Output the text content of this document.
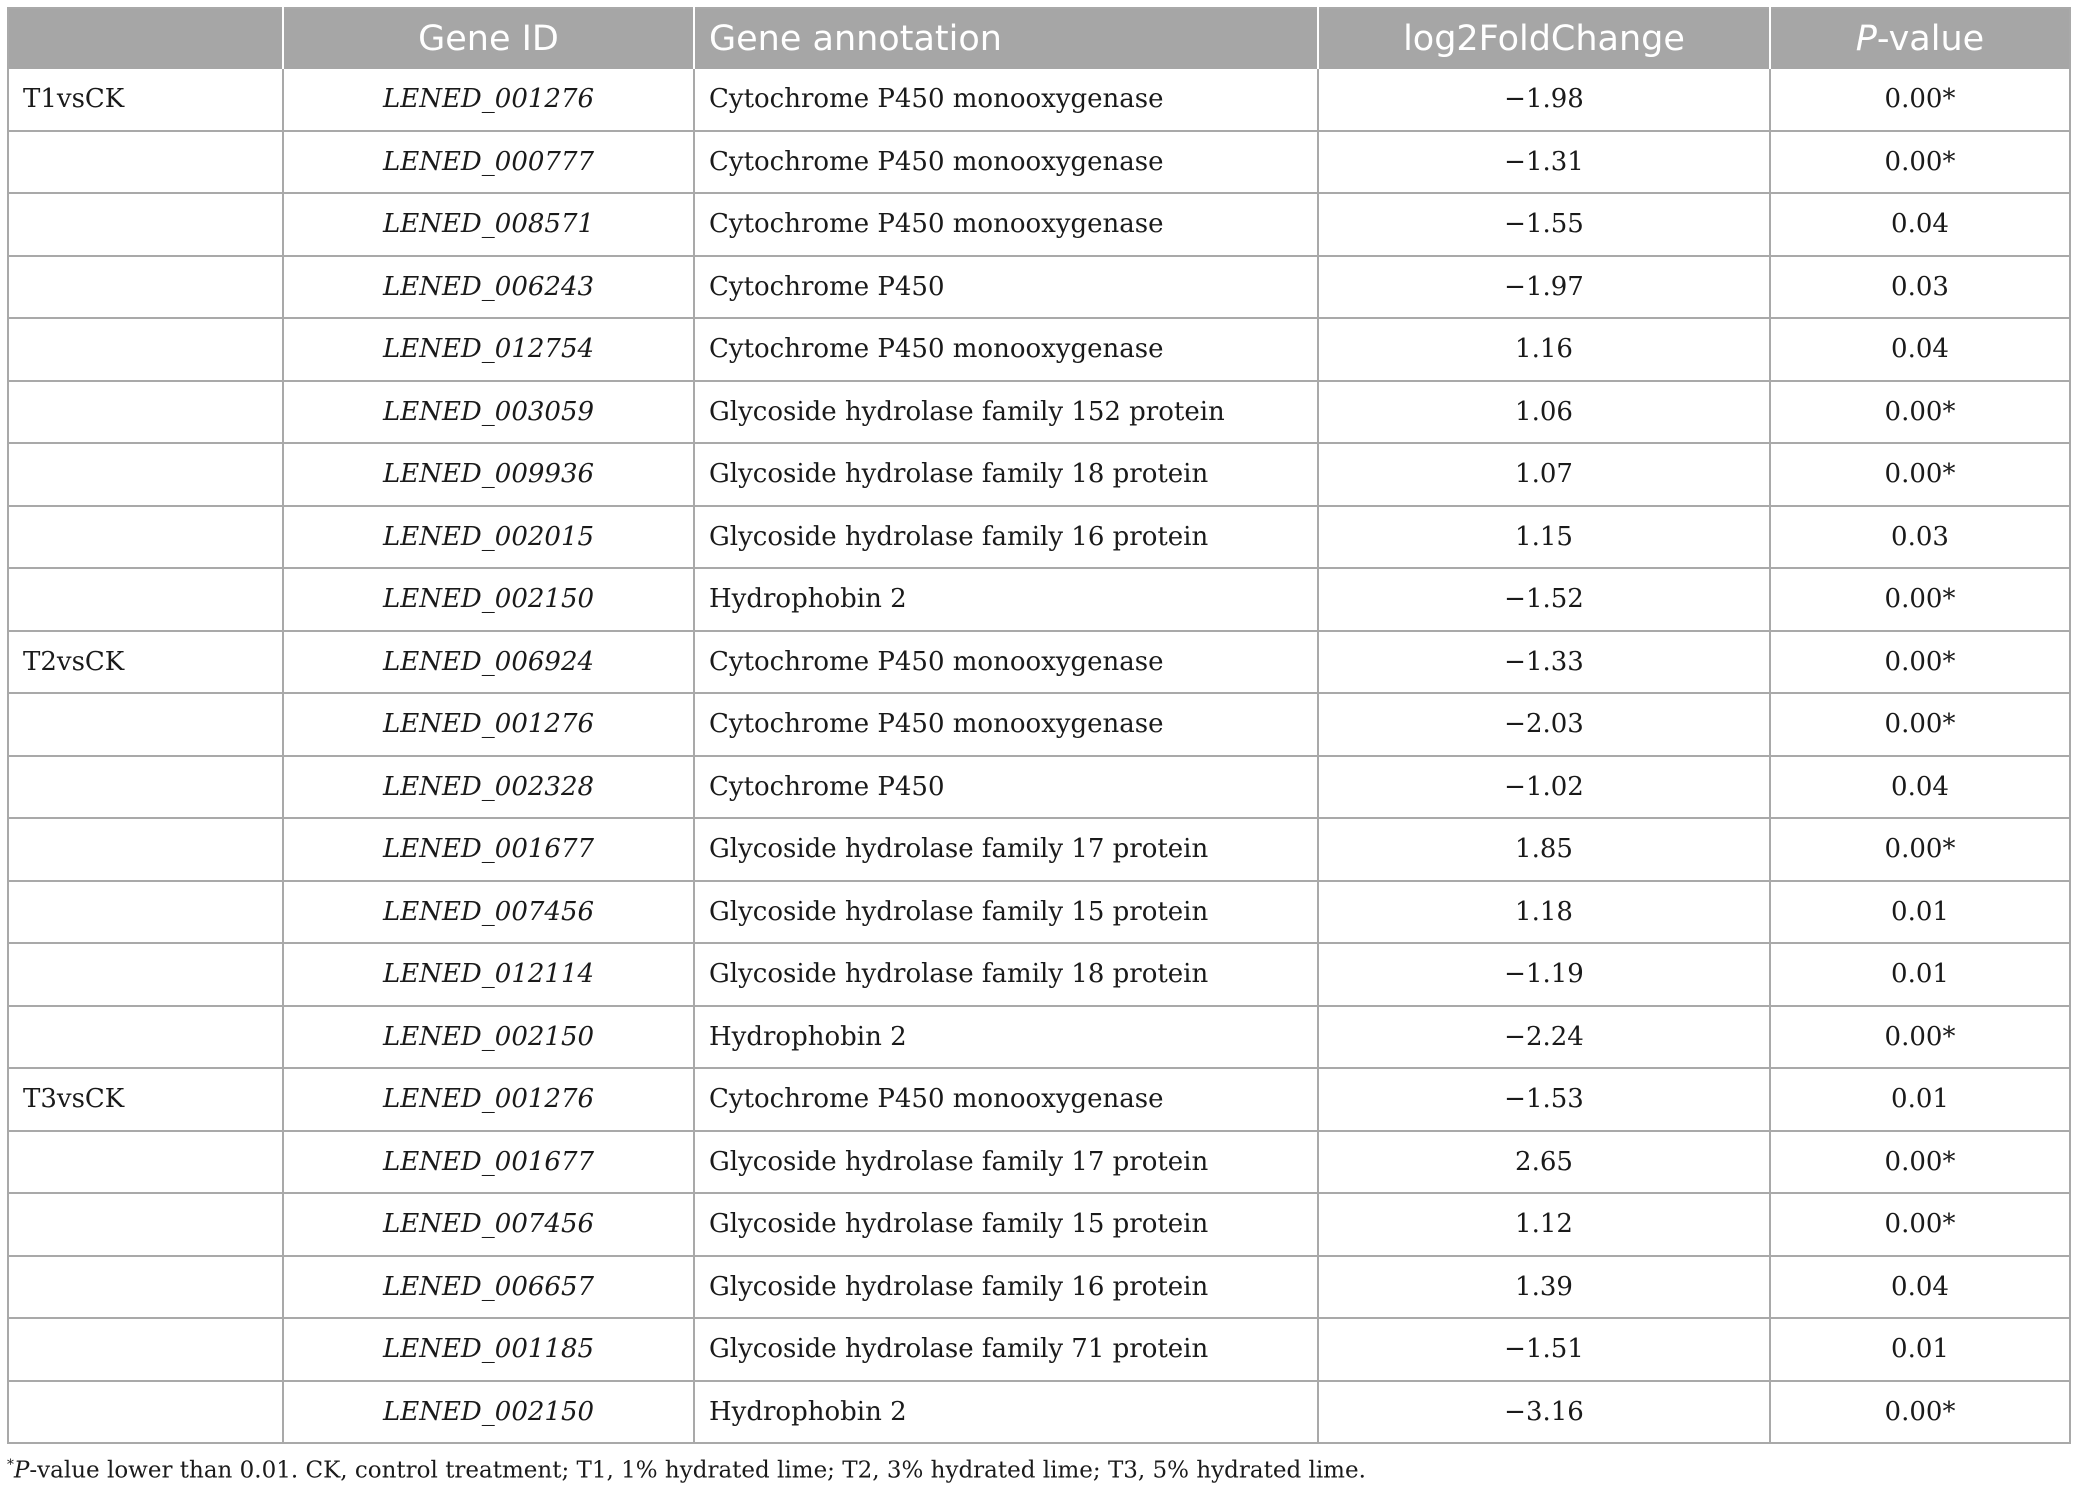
	Gene ID	Gene annotation	log2FoldChange	P-value
T1vsCK	LENED_001276	Cytochrome P450 monooxygenase	−1.98	0.00*
	LENED_000777	Cytochrome P450 monooxygenase	−1.31	0.00*
	LENED_008571	Cytochrome P450 monooxygenase	−1.55	0.04
	LENED_006243	Cytochrome P450	−1.97	0.03
	LENED_012754	Cytochrome P450 monooxygenase	1.16	0.04
	LENED_003059	Glycoside hydrolase family 152 protein	1.06	0.00*
	LENED_009936	Glycoside hydrolase family 18 protein	1.07	0.00*
	LENED_002015	Glycoside hydrolase family 16 protein	1.15	0.03
	LENED_002150	Hydrophobin 2	−1.52	0.00*
T2vsCK	LENED_006924	Cytochrome P450 monooxygenase	−1.33	0.00*
	LENED_001276	Cytochrome P450 monooxygenase	−2.03	0.00*
	LENED_002328	Cytochrome P450	−1.02	0.04
	LENED_001677	Glycoside hydrolase family 17 protein	1.85	0.00*
	LENED_007456	Glycoside hydrolase family 15 protein	1.18	0.01
	LENED_012114	Glycoside hydrolase family 18 protein	−1.19	0.01
	LENED_002150	Hydrophobin 2	−2.24	0.00*
T3vsCK	LENED_001276	Cytochrome P450 monooxygenase	−1.53	0.01
	LENED_001677	Glycoside hydrolase family 17 protein	2.65	0.00*
	LENED_007456	Glycoside hydrolase family 15 protein	1.12	0.00*
	LENED_006657	Glycoside hydrolase family 16 protein	1.39	0.04
	LENED_001185	Glycoside hydrolase family 71 protein	−1.51	0.01
	LENED_002150	Hydrophobin 2	−3.16	0.00*
*P-value lower than 0.01. CK, control treatment; T1, 1% hydrated lime; T2, 3% hydrated lime; T3, 5% hydrated lime.
